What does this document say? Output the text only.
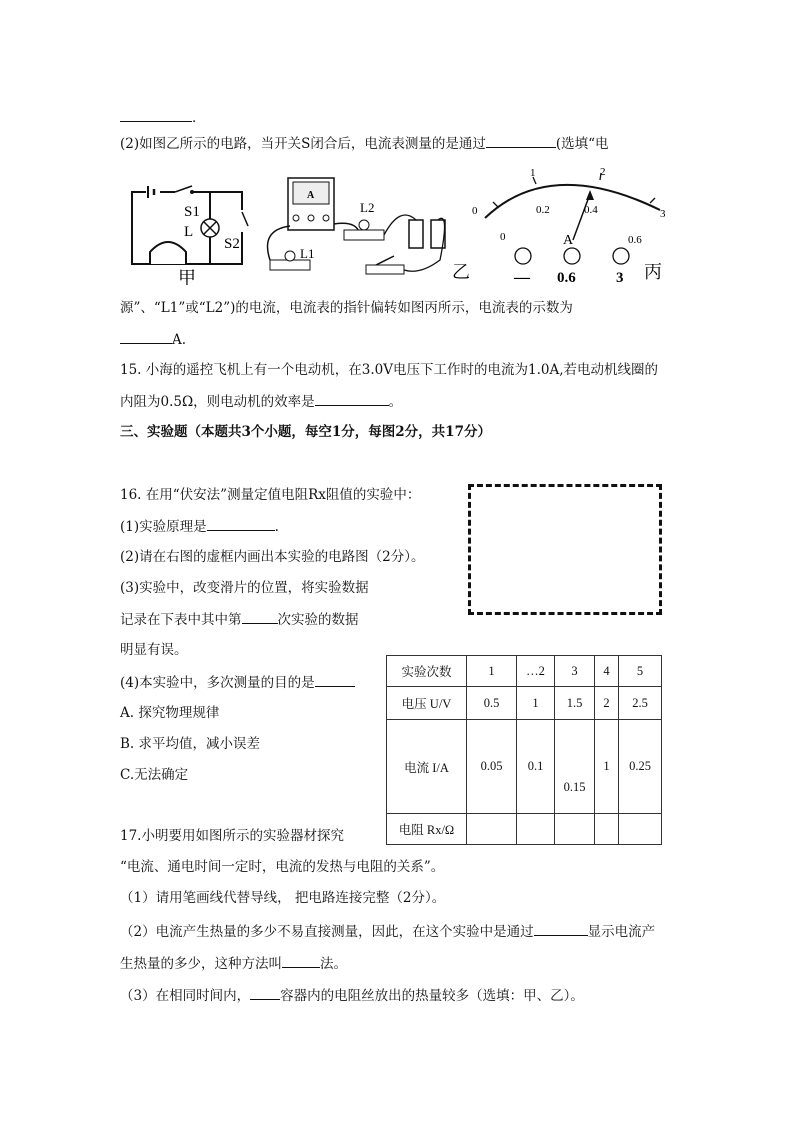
．
(2)如图乙所示的电路，当开关S闭合后，电流表测量的是通过	(选填“电
S1
L
S2
甲
A
L1
L2
乙
0
1	2
3
0
0.2	0.4
0.6
A
— 0.6	3 丙
源”、“L1”或“L2”)的电流，电流表的指针偏转如图丙所示，电流表的示数为
A.
15. 小海的遥控飞机上有一个电动机，在3.0V电压下工作时的电流为1.0A,若电动机线圈的
内阻为0.5Ω，则电动机的效率是	。
三、实验题（本题共3个小题，每空1分，每图2分，共17分）
16. 在用“伏安法”测量定值电阻Rx阻值的实验中：
(1)实验原理是	.
(2)请在右图的虚框内画出本实验的电路图（2分）。
(3)实验中，改变滑片的位置，将实验数据
记录在下表中其中第	次实验的数据
明显有误。
(4)本实验中，多次测量的目的是
A. 探究物理规律
B. 求平均值，减小误差
C.无法确定
实验次数	1	…2	3	4	5
电压 U/V	0.5	1	1.5	2	2.5
电流 I/A	0.05	0.1	0.15	1	0.25
电阻 Rx/Ω					
17.小明要用如图所示的实验器材探究
“电流、通电时间一定时，电流的发热与电阻的关系”。
（1）请用笔画线代替导线， 把电路连接完整（2分）。
（2）电流产生热量的多少不易直接测量，因此，在这个实验中是通过	显示电流产
生热量的多少，这种方法叫	法。
（3）在相同时间内， 容器内的电阻丝放出的热量较多（选填：甲、乙）。
